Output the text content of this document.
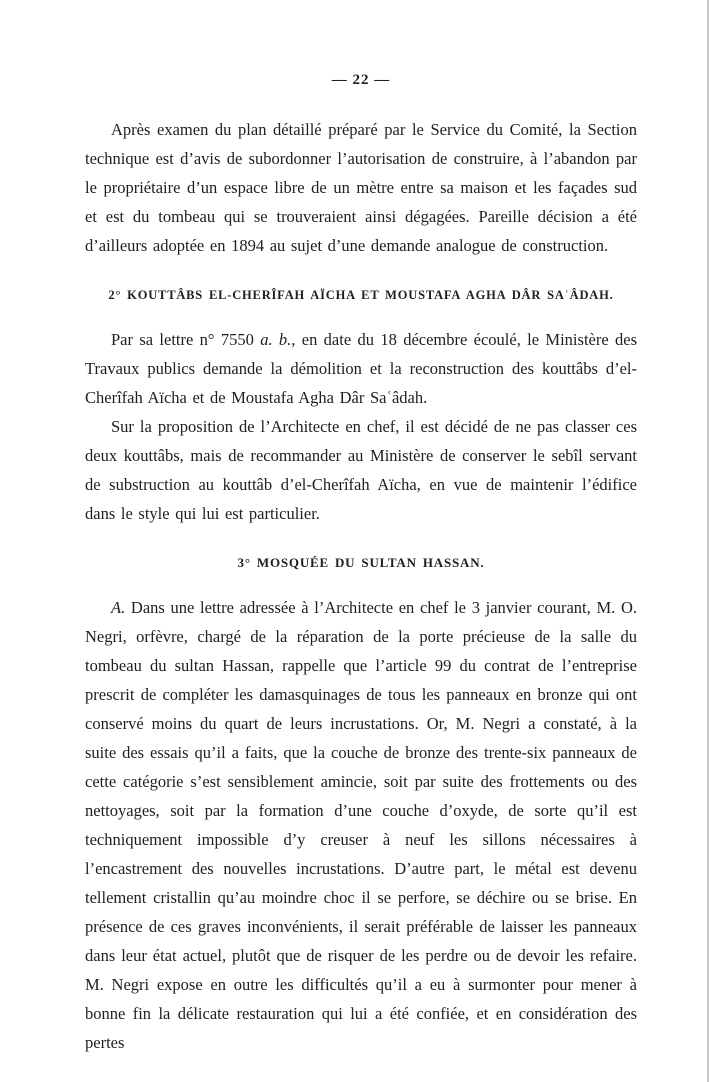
— 22 —

Après examen du plan détaillé préparé par le Service du Comité, la Section technique est d’avis de subordonner l’autorisation de construire, à l’abandon par le propriétaire d’un espace libre de un mètre entre sa maison et les façades sud et est du tombeau qui se trouveraient ainsi dégagées. Pareille décision a été d’ailleurs adoptée en 1894 au sujet d’une demande analogue de construction.

2° KOUTTÂBS EL-CHERÎFAH AÏCHA ET MOUSTAFA AGHA DÂR SAʿÂDAH.

Par sa lettre n° 7550 a. b., en date du 18 décembre écoulé, le Ministère des Travaux publics demande la démolition et la reconstruction des kouttâbs d’el-Cherîfah Aïcha et de Moustafa Agha Dâr Saʿâdah.

Sur la proposition de l’Architecte en chef, il est décidé de ne pas classer ces deux kouttâbs, mais de recommander au Ministère de conserver le sebîl servant de substruction au kouttâb d’el-Cherîfah Aïcha, en vue de maintenir l’édifice dans le style qui lui est particulier.

3° MOSQUÉE DU SULTAN HASSAN.

A. Dans une lettre adressée à l’Architecte en chef le 3 janvier courant, M. O. Negri, orfèvre, chargé de la réparation de la porte précieuse de la salle du tombeau du sultan Hassan, rappelle que l’article 99 du contrat de l’entreprise prescrit de compléter les damasquinages de tous les panneaux en bronze qui ont conservé moins du quart de leurs incrustations. Or, M. Negri a constaté, à la suite des essais qu’il a faits, que la couche de bronze des trente-six panneaux de cette catégorie s’est sensiblement amincie, soit par suite des frottements ou des nettoyages, soit par la formation d’une couche d’oxyde, de sorte qu’il est techniquement impossible d’y creuser à neuf les sillons nécessaires à l’encastrement des nouvelles incrustations. D’autre part, le métal est devenu tellement cristallin qu’au moindre choc il se perfore, se déchire ou se brise. En présence de ces graves inconvénients, il serait préférable de laisser les panneaux dans leur état actuel, plutôt que de risquer de les perdre ou de devoir les refaire. M. Negri expose en outre les difficultés qu’il a eu à surmonter pour mener à bonne fin la délicate restauration qui lui a été confiée, et en considération des pertes
